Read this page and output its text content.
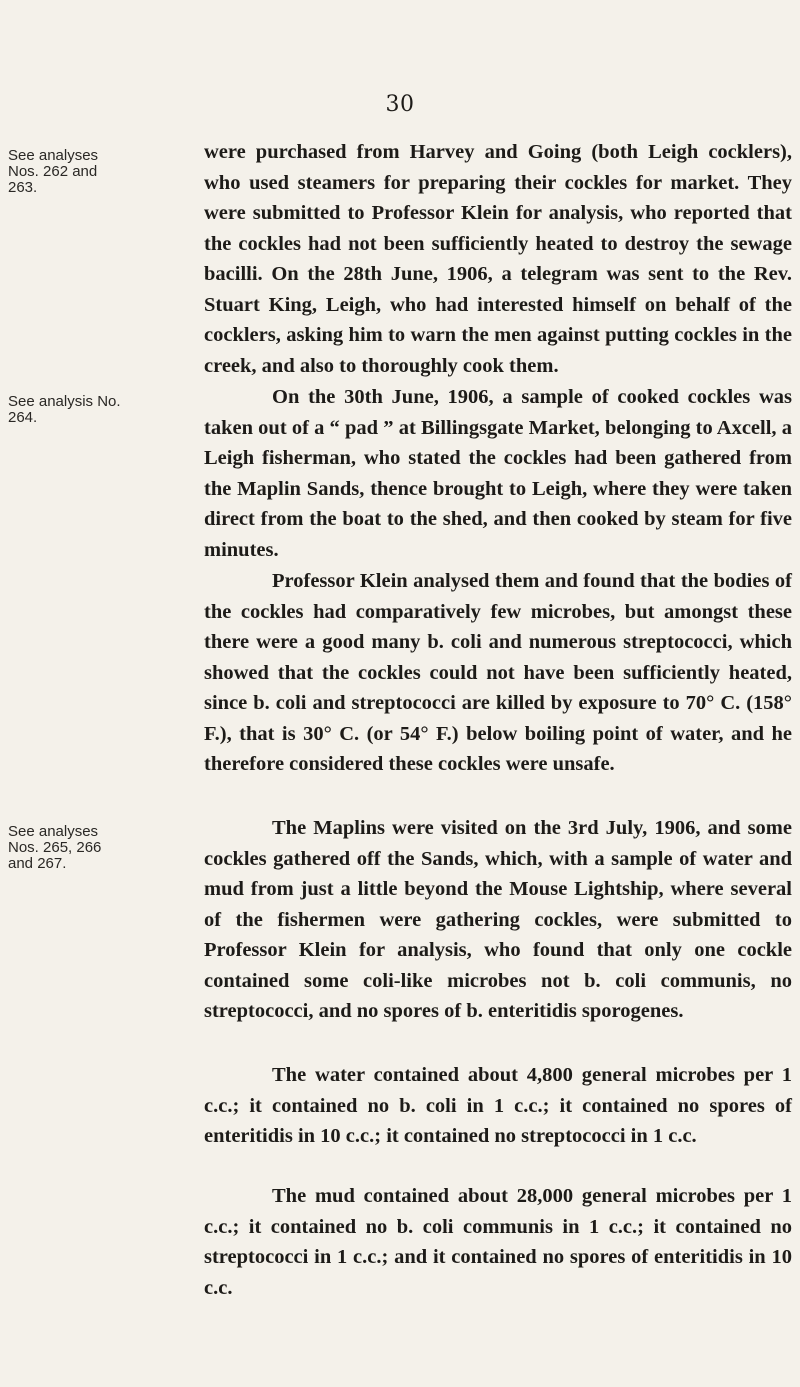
30
See analyses Nos. 262 and 263.
See analysis No. 264.
See analyses Nos. 265, 266 and 267.

were purchased from Harvey and Going (both Leigh cocklers), who used steamers for preparing their cockles for market. They were submitted to Professor Klein for analysis, who reported that the cockles had not been sufficiently heated to destroy the sewage bacilli. On the 28th June, 1906, a telegram was sent to the Rev. Stuart King, Leigh, who had interested himself on behalf of the cocklers, asking him to warn the men against putting cockles in the creek, and also to thoroughly cook them.

On the 30th June, 1906, a sample of cooked cockles was taken out of a “ pad ” at Billingsgate Market, belonging to Axcell, a Leigh fisherman, who stated the cockles had been gathered from the Maplin Sands, thence brought to Leigh, where they were taken direct from the boat to the shed, and then cooked by steam for five minutes.

Professor Klein analysed them and found that the bodies of the cockles had comparatively few microbes, but amongst these there were a good many b. coli and numerous streptococci, which showed that the cockles could not have been sufficiently heated, since b. coli and streptococci are killed by exposure to 70° C. (158° F.), that is 30° C. (or 54° F.) below boiling point of water, and he therefore considered these cockles were unsafe.

The Maplins were visited on the 3rd July, 1906, and some cockles gathered off the Sands, which, with a sample of water and mud from just a little beyond the Mouse Lightship, where several of the fishermen were gathering cockles, were submitted to Professor Klein for analysis, who found that only one cockle contained some coli-like microbes not b. coli communis, no streptococci, and no spores of b. enteritidis sporogenes.

The water contained about 4,800 general microbes per 1 c.c.; it contained no b. coli in 1 c.c.; it contained no spores of enteritidis in 10 c.c.; it contained no streptococci in 1 c.c.

The mud contained about 28,000 general microbes per 1 c.c.; it contained no b. coli communis in 1 c.c.; it contained no streptococci in 1 c.c.; and it contained no spores of enteritidis in 10 c.c.
